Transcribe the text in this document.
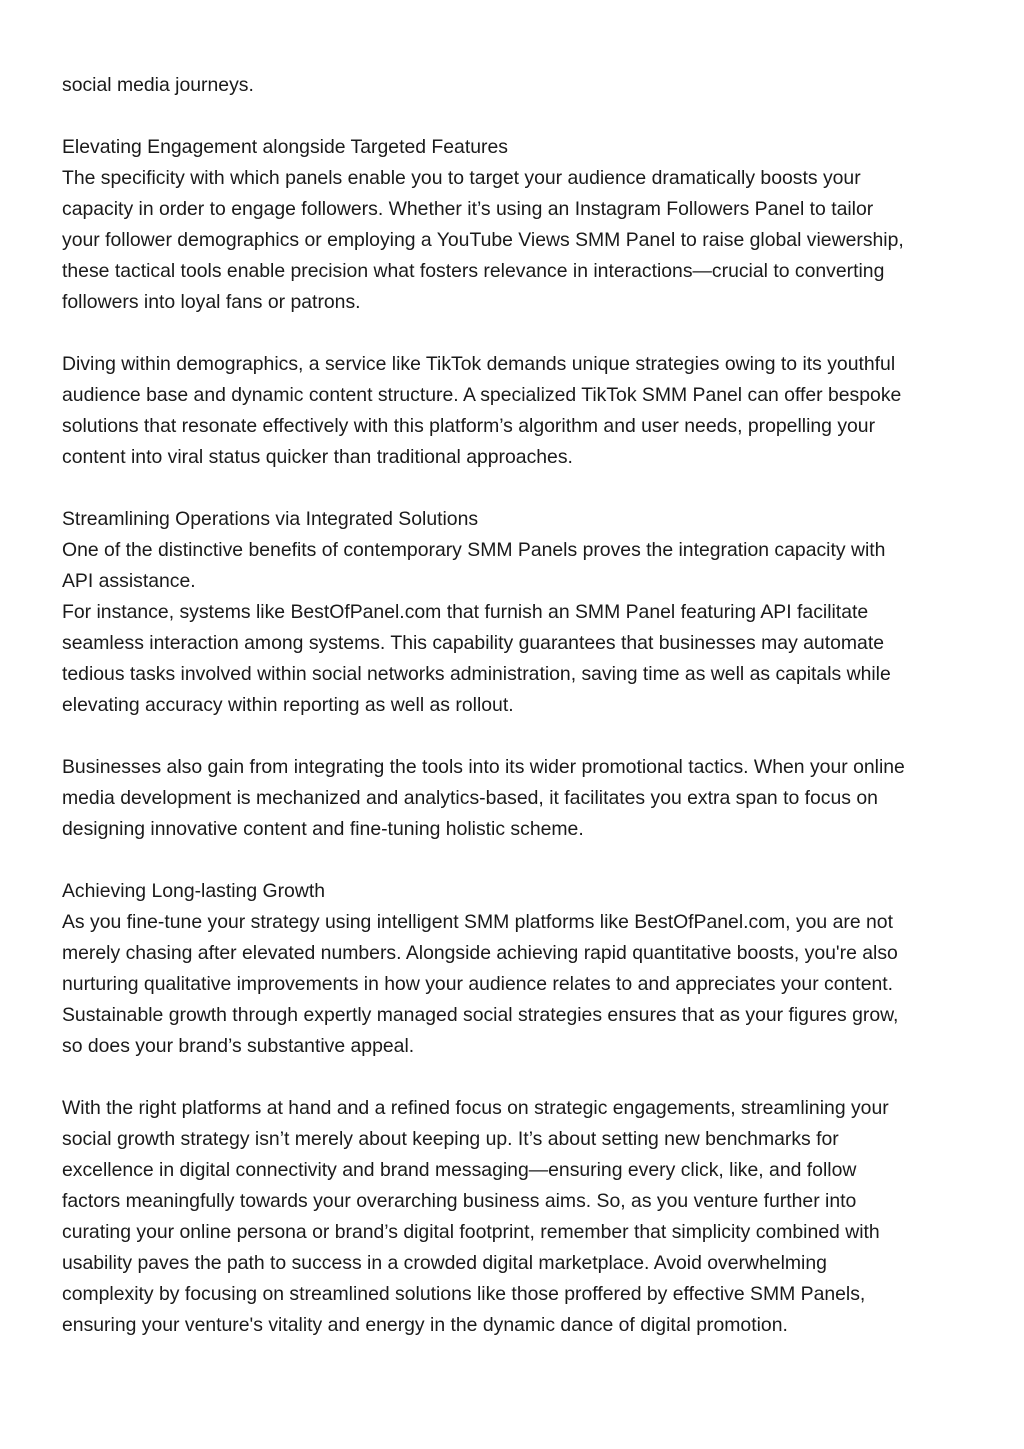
social media journeys.
Elevating Engagement alongside Targeted Features
The specificity with which panels enable you to target your audience dramatically boosts your
capacity in order to engage followers. Whether it’s using an Instagram Followers Panel to tailor
your follower demographics or employing a YouTube Views SMM Panel to raise global viewership,
these tactical tools enable precision what fosters relevance in interactions—crucial to converting
followers into loyal fans or patrons.
Diving within demographics, a service like TikTok demands unique strategies owing to its youthful
audience base and dynamic content structure. A specialized TikTok SMM Panel can offer bespoke
solutions that resonate effectively with this platform’s algorithm and user needs, propelling your
content into viral status quicker than traditional approaches.
Streamlining Operations via Integrated Solutions
One of the distinctive benefits of contemporary SMM Panels proves the integration capacity with
API assistance.
For instance, systems like BestOfPanel.com that furnish an SMM Panel featuring API facilitate
seamless interaction among systems. This capability guarantees that businesses may automate
tedious tasks involved within social networks administration, saving time as well as capitals while
elevating accuracy within reporting as well as rollout.
Businesses also gain from integrating the tools into its wider promotional tactics. When your online
media development is mechanized and analytics-based, it facilitates you extra span to focus on
designing innovative content and fine-tuning holistic scheme.
Achieving Long-lasting Growth
As you fine-tune your strategy using intelligent SMM platforms like BestOfPanel.com, you are not
merely chasing after elevated numbers. Alongside achieving rapid quantitative boosts, you're also
nurturing qualitative improvements in how your audience relates to and appreciates your content.
Sustainable growth through expertly managed social strategies ensures that as your figures grow,
so does your brand’s substantive appeal.
With the right platforms at hand and a refined focus on strategic engagements, streamlining your
social growth strategy isn’t merely about keeping up. It’s about setting new benchmarks for
excellence in digital connectivity and brand messaging—ensuring every click, like, and follow
factors meaningfully towards your overarching business aims. So, as you venture further into
curating your online persona or brand’s digital footprint, remember that simplicity combined with
usability paves the path to success in a crowded digital marketplace. Avoid overwhelming
complexity by focusing on streamlined solutions like those proffered by effective SMM Panels,
ensuring your venture's vitality and energy in the dynamic dance of digital promotion.
